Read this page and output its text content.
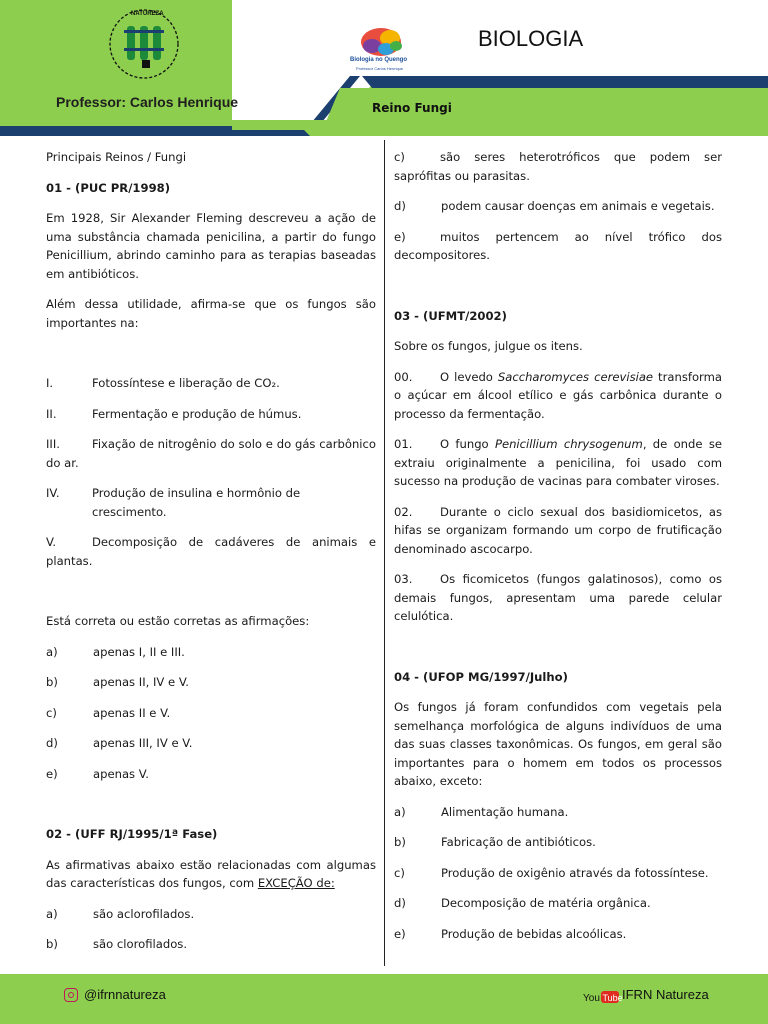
NATUREZA
Professor: Carlos Henrique
Biologia no Quengo
Professor Carlos Henrique
BIOLOGIA
Reino Fungi

Principais Reinos / Fungi

01 - (PUC PR/1998)

Em 1928, Sir Alexander Fleming descreveu a ação de uma substância chamada penicilina, a partir do fungo Penicillium, abrindo caminho para as terapias baseadas em antibióticos.

Além dessa utilidade, afirma-se que os fungos são importantes na:

I.	Fotossíntese e liberação de CO₂.
II.	Fermentação e produção de húmus.

III.	Fixação de nitrogênio do solo e do gás carbônico do ar.

IV.	Produção de insulina e hormônio de crescimento.

V.	Decomposição de cadáveres de animais e plantas.

Está correta ou estão corretas as afirmações:

a)	apenas I, II e III.
b)	apenas II, IV e V.
c)	apenas II e V.
d)	apenas III, IV e V.
e)	apenas V.

02 - (UFF RJ/1995/1ª Fase)

As afirmativas abaixo estão relacionadas com algumas das características dos fungos, com EXCEÇÃO de:

a)	são aclorofilados.
b)	são clorofilados.

c)	são seres heterotróficos que podem ser saprófitas ou parasitas.

d)	podem causar doenças em animais e vegetais.

e)	muitos pertencem ao nível trófico dos decompositores.

03 - (UFMT/2002)

Sobre os fungos, julgue os itens.

00. O levedo Saccharomyces cerevisiae transforma o açúcar em álcool etílico e gás carbônica durante o processo da fermentação.

01. O fungo Penicillium chrysogenum, de onde se extraiu originalmente a penicilina, foi usado com sucesso na produção de vacinas para combater viroses.

02. Durante o ciclo sexual dos basidiomicetos, as hifas se organizam formando um corpo de frutificação denominado ascocarpo.

03. Os ficomicetos (fungos galatinosos), como os demais fungos, apresentam uma parede celular celulótica.

04 - (UFOP MG/1997/Julho)

Os fungos já foram confundidos com vegetais pela semelhança morfológica de alguns indivíduos de uma das suas classes taxonômicas. Os fungos, em geral são importantes para o homem em todos os processos abaixo, exceto:

a)	Alimentação humana.
b)	Fabricação de antibióticos.
c)	Produção de oxigênio através da fotossíntese.
d)	Decomposição de matéria orgânica.
e)	Produção de bebidas alcoólicas.
@ifrnnatureza	You Tube IFRN Natureza
